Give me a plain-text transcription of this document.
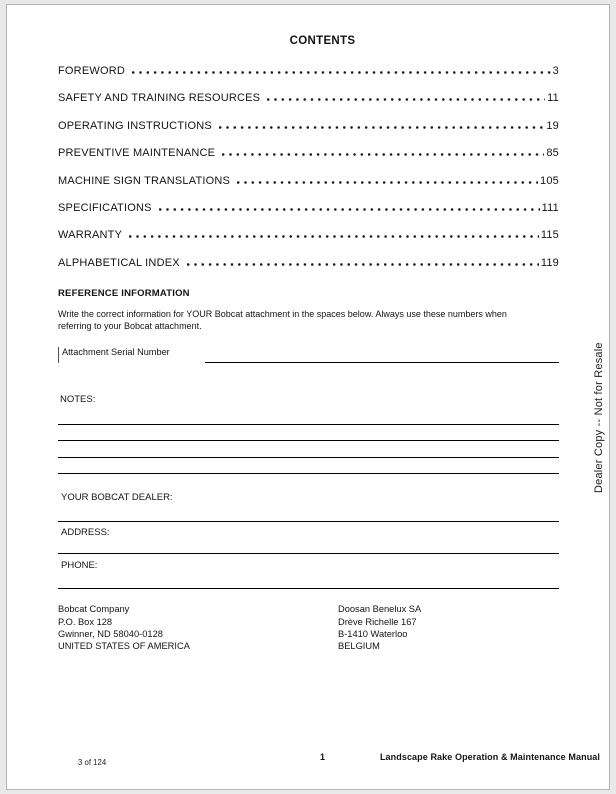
CONTENTS
FOREWORD	3
SAFETY AND TRAINING RESOURCES	11
OPERATING INSTRUCTIONS	19
PREVENTIVE MAINTENANCE	85
MACHINE SIGN TRANSLATIONS	105
SPECIFICATIONS	111
WARRANTY	115
ALPHABETICAL INDEX	119
REFERENCE INFORMATION
Write the correct information for YOUR Bobcat attachment in the spaces below. Always use these numbers when
referring to your Bobcat attachment.
Attachment Serial Number
NOTES:
YOUR BOBCAT DEALER:
ADDRESS:
PHONE:
Bobcat Company
P.O. Box 128
Gwinner, ND 58040-0128
UNITED STATES OF AMERICA
Doosan Benelux SA
Drève Richelle 167
B-1410 Waterloo
BELGIUM
Dealer Copy -- Not for Resale
1	Landscape Rake Operation & Maintenance Manual
3 of 124
